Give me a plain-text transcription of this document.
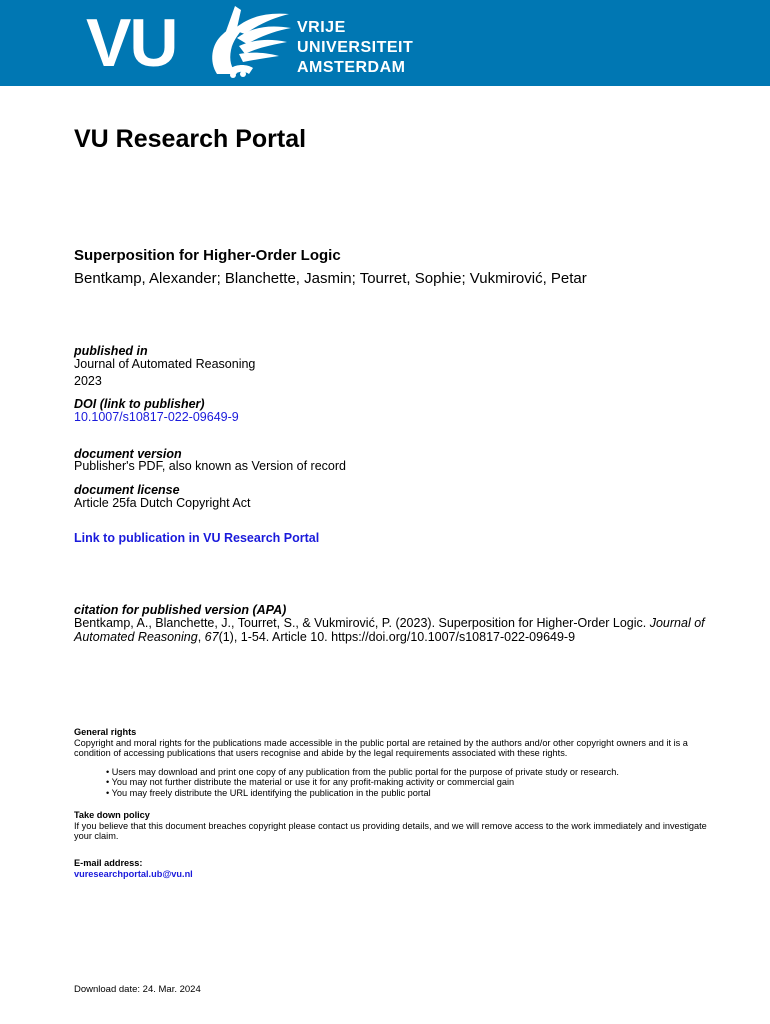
VU	VRIJE
UNIVERSITEIT
AMSTERDAM
VU Research Portal
Superposition for Higher-Order Logic
Bentkamp, Alexander; Blanchette, Jasmin; Tourret, Sophie; Vukmirović, Petar
published in
Journal of Automated Reasoning
2023
DOI (link to publisher)
10.1007/s10817-022-09649-9
document version
Publisher's PDF, also known as Version of record
document license
Article 25fa Dutch Copyright Act
Link to publication in VU Research Portal
citation for published version (APA)
Bentkamp, A., Blanchette, J., Tourret, S., & Vukmirović, P. (2023). Superposition for Higher-Order Logic. Journal of Automated Reasoning, 67(1), 1-54. Article 10. https://doi.org/10.1007/s10817-022-09649-9
General rights
Copyright and moral rights for the publications made accessible in the public portal are retained by the authors and/or other copyright owners and it is a condition of accessing publications that users recognise and abide by the legal requirements associated with these rights.
• Users may download and print one copy of any publication from the public portal for the purpose of private study or research.
• You may not further distribute the material or use it for any profit-making activity or commercial gain
• You may freely distribute the URL identifying the publication in the public portal
Take down policy
If you believe that this document breaches copyright please contact us providing details, and we will remove access to the work immediately and investigate your claim.
E-mail address:
vuresearchportal.ub@vu.nl
Download date: 24. Mar. 2024
